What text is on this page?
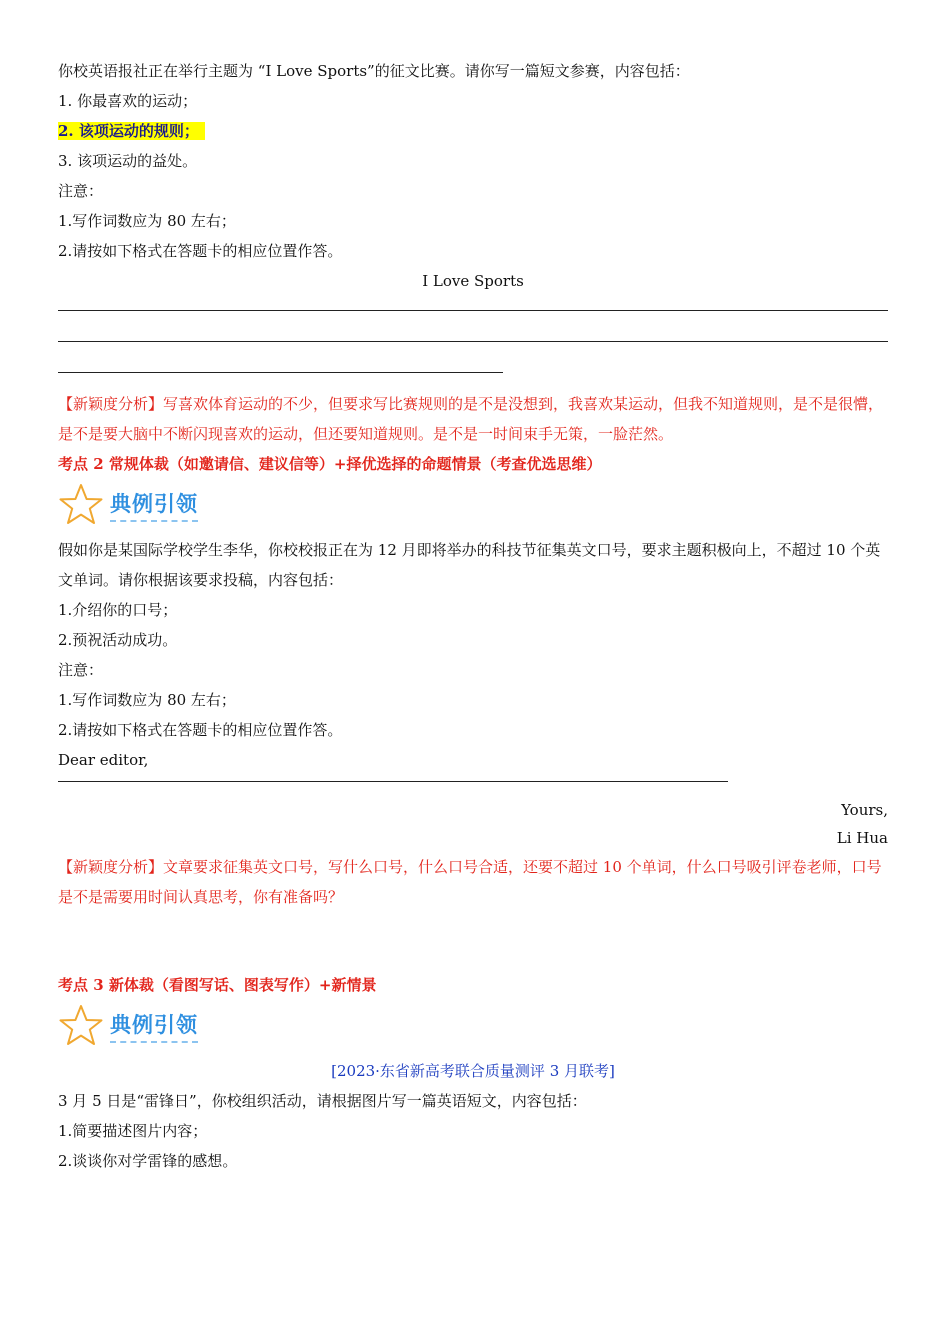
你校英语报社正在举行主题为 “I Love Sports”的征文比赛。请你写一篇短文参赛，内容包括：
1. 你最喜欢的运动；
2. 该项运动的规则；
3. 该项运动的益处。
注意：
1.写作词数应为 80 左右；
2.请按如下格式在答题卡的相应位置作答。
I Love Sports
【新颖度分析】写喜欢体育运动的不少，但要求写比赛规则的是不是没想到，我喜欢某运动，但我不知道规则，是不是很懵，是不是要大脑中不断闪现喜欢的运动，但还要知道规则。是不是一时间束手无策，一脸茫然。
考点 2 常规体裁（如邀请信、建议信等）+择优选择的命题情景（考查优选思维）
典例引领
假如你是某国际学校学生李华，你校校报正在为 12 月即将举办的科技节征集英文口号，要求主题积极向上，不超过 10 个英文单词。请你根据该要求投稿，内容包括：
1.介绍你的口号；
2.预祝活动成功。
注意：
1.写作词数应为 80 左右；
2.请按如下格式在答题卡的相应位置作答。
Dear editor,
Yours,
Li Hua
【新颖度分析】文章要求征集英文口号，写什么口号，什么口号合适，还要不超过 10 个单词，什么口号吸引评卷老师，口号是不是需要用时间认真思考，你有准备吗？
考点 3 新体裁（看图写话、图表写作）+新情景
典例引领
[2023·东省新高考联合质量测评 3 月联考]
3 月 5 日是“雷锋日”，你校组织活动，请根据图片写一篇英语短文，内容包括：
1.简要描述图片内容；
2.谈谈你对学雷锋的感想。
